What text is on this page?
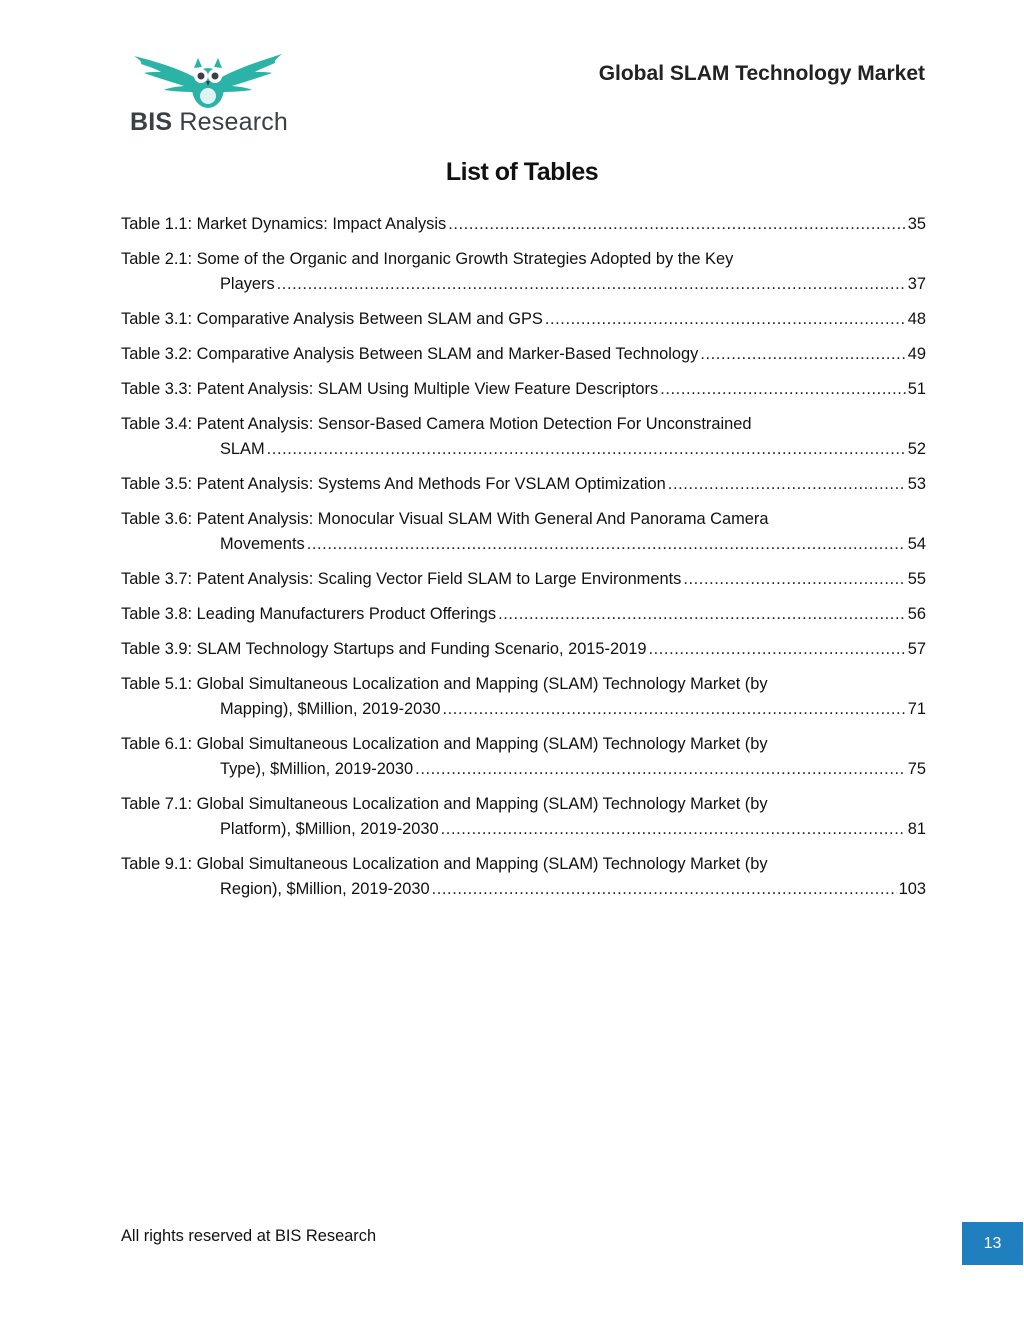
BIS Research
Global SLAM Technology Market
List of Tables
Table 1.1: Market Dynamics: Impact Analysis .....	35
Table 2.1: Some of the Organic and Inorganic Growth Strategies Adopted by the Key
Players .....	37
Table 3.1: Comparative Analysis Between SLAM and GPS .....	48
Table 3.2: Comparative Analysis Between SLAM and Marker-Based Technology .....	49
Table 3.3: Patent Analysis: SLAM Using Multiple View Feature Descriptors .....	51
Table 3.4: Patent Analysis: Sensor-Based Camera Motion Detection For Unconstrained
SLAM .....	52
Table 3.5: Patent Analysis: Systems And Methods For VSLAM Optimization .....	53
Table 3.6: Patent Analysis: Monocular Visual SLAM With General And Panorama Camera
Movements .....	54
Table 3.7: Patent Analysis: Scaling Vector Field SLAM to Large Environments .....	55
Table 3.8: Leading Manufacturers Product Offerings .....	56
Table 3.9: SLAM Technology Startups and Funding Scenario, 2015-2019 .....	57
Table 5.1: Global Simultaneous Localization and Mapping (SLAM) Technology Market (by
Mapping), $Million, 2019-2030 .....	71
Table 6.1: Global Simultaneous Localization and Mapping (SLAM) Technology Market (by
Type), $Million, 2019-2030 .....	75
Table 7.1: Global Simultaneous Localization and Mapping (SLAM) Technology Market (by
Platform), $Million, 2019-2030 .....	81
Table 9.1: Global Simultaneous Localization and Mapping (SLAM) Technology Market (by
Region), $Million, 2019-2030 .....	103
All rights reserved at BIS Research	13
